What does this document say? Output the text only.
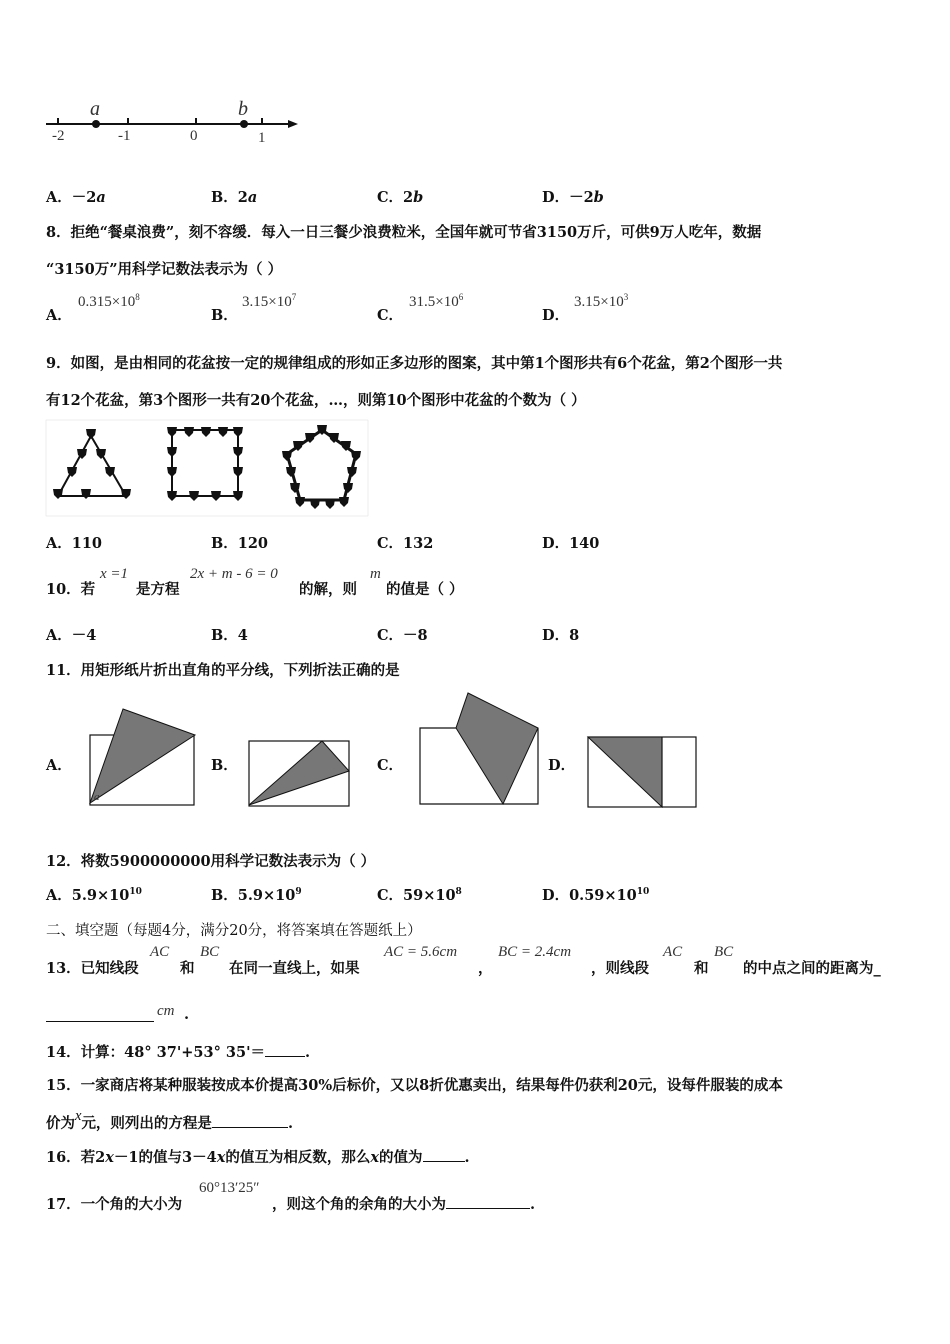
a	b
-2	-1	0	1
A．－2a	B．2a	C．2b	D．－2b
8．拒绝“餐桌浪费”，刻不容缓．每入一日三餐少浪费粒米，全国年就可节省3150万斤，可供9万人吃年，数据
“3150万”用科学记数法表示为（ ）
A．
$0.315\times 10^8$
B．
$3.15\times 10^7$
C．
$31.5\times 10^6$
D．
$3.15\times 10^3$
9．如图，是由相同的花盆按一定的规律组成的形如正多边形的图案，其中第1个图形共有6个花盆，第2个图形一共
有12个花盆，第3个图形一共有20个花盆，…，则第10个图形中花盆的个数为（ ）
A．110	B．120	C．132	D．140
10．若
x =1
是方程
2x + m - 6 = 0
的解，则
m
的值是（ ）
A．－4	B．4	C．－8	D．8
11．用矩形纸片折出直角的平分线，下列折法正确的是
A．	B．	C．	D．
a
12．将数5900000000用科学记数法表示为（ ）
A．$5.9\times 10^{10}$	B．$5.9\times 10^9$	C．$59\times 10^8$	D．$0.59\times 10^{10}$
二、填空题（每题4分，满分20分，将答案填在答题纸上）
13．已知线段
AC
和
BC
在同一直线上，如果
AC = 5.6cm
，
BC = 2.4cm
，则线段
AC
和
BC
的中点之间的距离为_
cm .
14．计算：48° 37'+53° 35'＝	.
15．一家商店将某种服装按成本价提高30%后标价，又以8折优惠卖出，结果每件仍获利20元，设每件服装的成本
价为x元，则列出的方程是	.
16．若2x－1的值与3－4x的值互为相反数，那么x的值为	.
17．一个角的大小为
60°13′25″
，则这个角的余角的大小为	.
